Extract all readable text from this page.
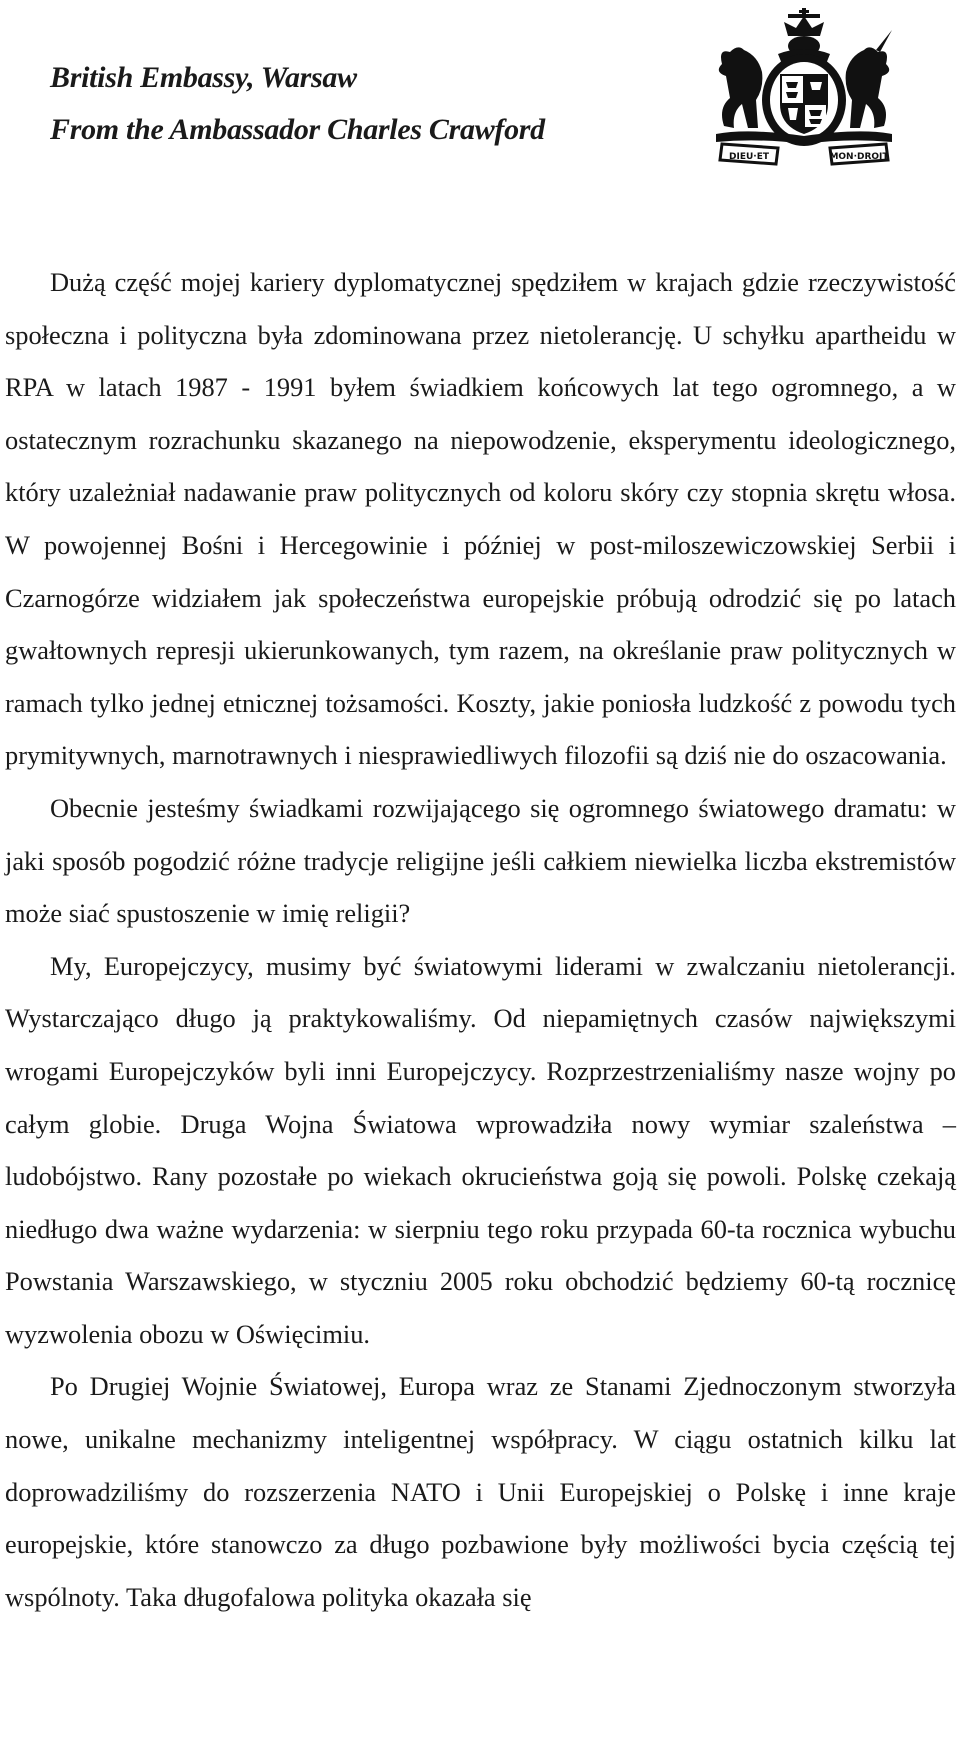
British Embassy, Warsaw
From the Ambassador Charles Crawford
DIEU·ET	MON·DROIT

Dużą część mojej kariery dyplomatycznej spędziłem w krajach gdzie rzeczywistość społeczna i polityczna była zdominowana przez nietolerancję. U schyłku apartheidu w RPA w latach 1987 - 1991 byłem świadkiem końcowych lat tego ogromnego, a w ostatecznym rozrachunku skazanego na niepowodzenie, eksperymentu ideologicznego, który uzależniał nadawanie praw politycznych od koloru skóry czy stopnia skrętu włosa. W powojennej Bośni i Hercegowinie i później w post-miloszewiczowskiej Serbii i Czarnogórze widziałem jak społeczeństwa europejskie próbują odrodzić się po latach gwałtownych represji ukierunkowanych, tym razem, na określanie praw politycznych w ramach tylko jednej etnicznej tożsamości. Koszty, jakie poniosła ludzkość z powodu tych prymitywnych, marnotrawnych i niesprawiedliwych filozofii są dziś nie do oszacowania.

Obecnie jesteśmy świadkami rozwijającego się ogromnego światowego dramatu: w jaki sposób pogodzić różne tradycje religijne jeśli całkiem niewielka liczba ekstremistów może siać spustoszenie w imię religii?

My, Europejczycy, musimy być światowymi liderami w zwalczaniu nietolerancji. Wystarczająco długo ją praktykowaliśmy. Od niepamiętnych czasów największymi wrogami Europejczyków byli inni Europejczycy. Rozprzestrzenialiśmy nasze wojny po całym globie. Druga Wojna Światowa wprowadziła nowy wymiar szaleństwa – ludobójstwo. Rany pozostałe po wiekach okrucieństwa goją się powoli. Polskę czekają niedługo dwa ważne wydarzenia: w sierpniu tego roku przypada 60-ta rocznica wybuchu Powstania Warszawskiego, w styczniu 2005 roku obchodzić będziemy 60-tą rocznicę wyzwolenia obozu w Oświęcimiu.

Po Drugiej Wojnie Światowej, Europa wraz ze Stanami Zjednoczonym stworzyła nowe, unikalne mechanizmy inteligentnej współpracy. W ciągu ostatnich kilku lat doprowadziliśmy do rozszerzenia NATO i Unii Europejskiej o Polskę i inne kraje europejskie, które stanowczo za długo pozbawione były możliwości bycia częścią tej wspólnoty. Taka długofalowa polityka okazała się
